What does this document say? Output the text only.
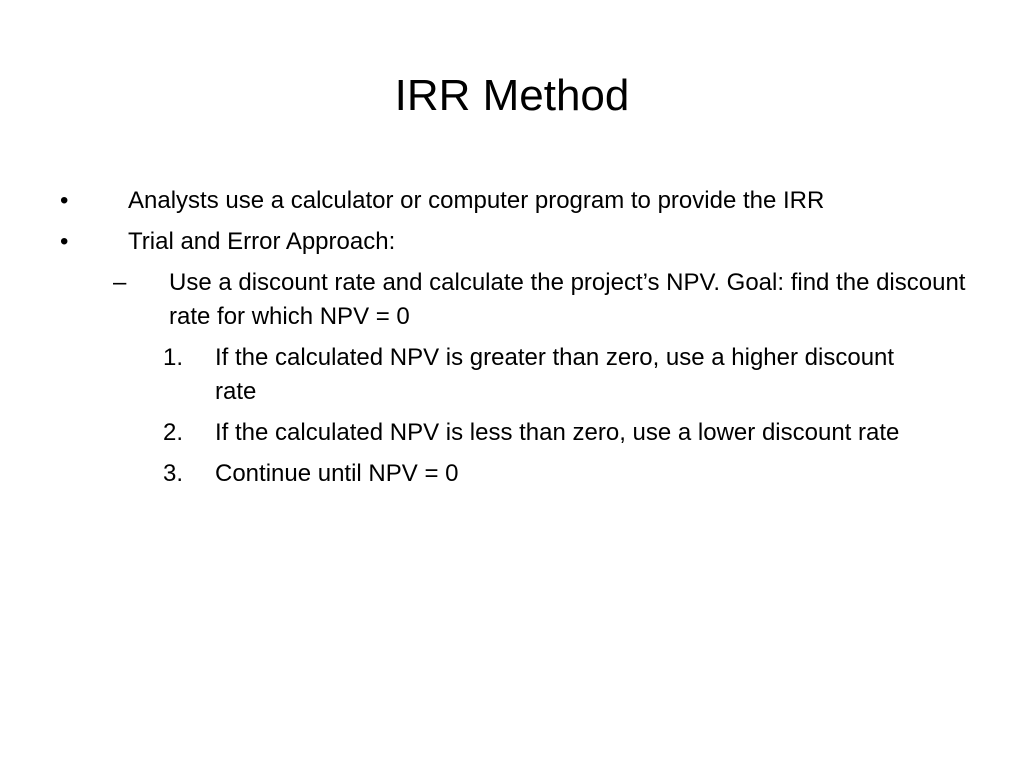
IRR Method
• Analysts use a calculator or computer program to provide the IRR
• Trial and Error Approach:
– Use a discount rate and calculate the project’s NPV. Goal: find the discount rate for which NPV = 0
1. If the calculated NPV is greater than zero, use a higher discount rate
2. If the calculated NPV is less than zero, use a lower discount rate
3. Continue until NPV = 0
